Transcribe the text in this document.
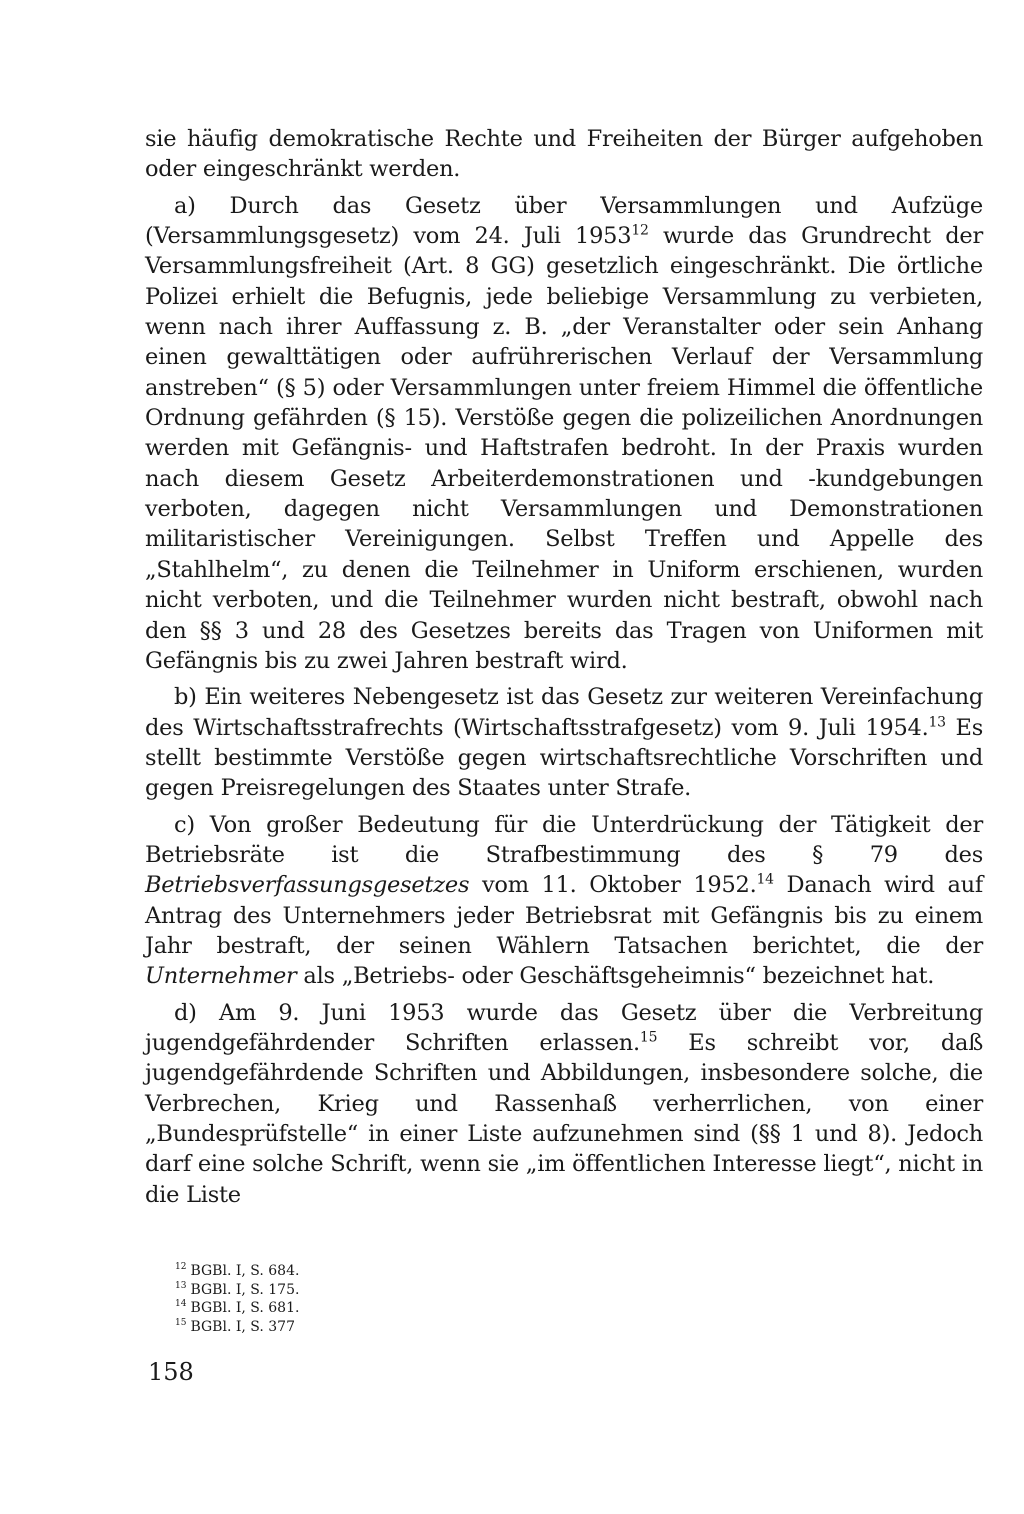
sie häufig demokratische Rechte und Freiheiten der Bürger aufgehoben oder eingeschränkt werden.

a) Durch das Gesetz über Versammlungen und Aufzüge (Versammlungsgesetz) vom 24. Juli 1953$^{12}$ wurde das Grundrecht der Versammlungsfreiheit (Art. 8 GG) gesetzlich eingeschränkt. Die örtliche Polizei erhielt die Befugnis, jede beliebige Versammlung zu verbieten, wenn nach ihrer Auffassung z. B. „der Veranstalter oder sein Anhang einen gewalttätigen oder aufrührerischen Verlauf der Versammlung anstreben“ (§ 5) oder Versammlungen unter freiem Himmel die öffentliche Ordnung gefährden (§ 15). Verstöße gegen die polizeilichen Anordnungen werden mit Gefängnis- und Haftstrafen bedroht. In der Praxis wurden nach diesem Gesetz Arbeiterdemonstrationen und -kundgebungen verboten, dagegen nicht Versammlungen und Demonstrationen militaristischer Vereinigungen. Selbst Treffen und Appelle des „Stahlhelm“, zu denen die Teilnehmer in Uniform erschienen, wurden nicht verboten, und die Teilnehmer wurden nicht bestraft, obwohl nach den §§ 3 und 28 des Gesetzes bereits das Tragen von Uniformen mit Gefängnis bis zu zwei Jahren bestraft wird.

b) Ein weiteres Nebengesetz ist das Gesetz zur weiteren Vereinfachung des Wirtschaftsstrafrechts (Wirtschaftsstrafgesetz) vom 9. Juli 1954.13 Es stellt bestimmte Verstöße gegen wirtschaftsrechtliche Vorschriften und gegen Preisregelungen des Staates unter Strafe.

c) Von großer Bedeutung für die Unterdrückung der Tätigkeit der Betriebsräte ist die Strafbestimmung des § 79 des Betriebsverfassungsgesetzes vom 11. Oktober 1952.14 Danach wird auf Antrag des Unternehmers jeder Betriebsrat mit Gefängnis bis zu einem Jahr bestraft, der seinen Wählern Tatsachen berichtet, die der Unternehmer als „Betriebs- oder Geschäftsgeheimnis“ bezeichnet hat.

d) Am 9. Juni 1953 wurde das Gesetz über die Verbreitung jugendgefährdender Schriften erlassen.$^{15}$ Es schreibt vor, daß jugendgefährdende Schriften und Abbildungen, insbesondere solche, die Verbrechen, Krieg und Rassenhaß verherrlichen, von einer „Bundesprüfstelle“ in einer Liste aufzunehmen sind (§§ 1 und 8). Jedoch darf eine solche Schrift, wenn sie „im öffentlichen Interesse liegt“, nicht in die Liste

$^{12}$ BGBl. I, S. 684.

$^{13}$ BGBl. I, S. 175.

$^{14}$ BGBl. I, S. 681.

$^{15}$ BGBl. I, S. 377

158
